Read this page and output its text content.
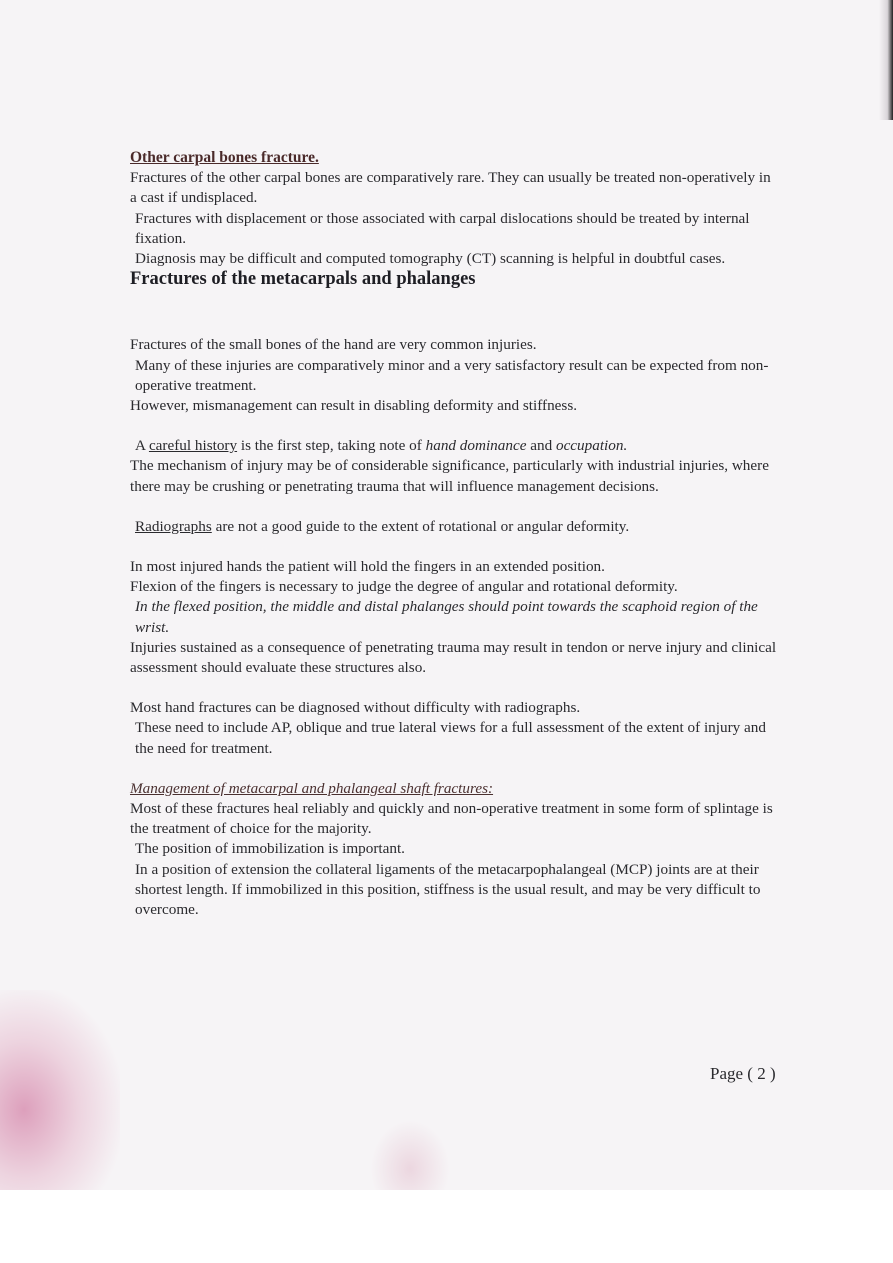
Other carpal bones fracture.

Fractures of the other carpal bones are comparatively rare. They can usually be treated non-operatively in a cast if undisplaced.

Fractures with displacement or those associated with carpal dislocations should be treated by internal fixation.

Diagnosis may be difficult and computed tomography (CT) scanning is helpful in doubtful cases.

Fractures of the metacarpals and phalanges

Fractures of the small bones of the hand are very common injuries.

Many of these injuries are comparatively minor and a very satisfactory result can be expected from non-operative treatment.

However, mismanagement can result in disabling deformity and stiffness.

A careful history is the first step, taking note of hand dominance and occupation.

The mechanism of injury may be of considerable significance, particularly with industrial injuries, where there may be crushing or penetrating trauma that will influence management decisions.

Radiographs are not a good guide to the extent of rotational or angular deformity.

In most injured hands the patient will hold the fingers in an extended position.

Flexion of the fingers is necessary to judge the degree of angular and rotational deformity.

In the flexed position, the middle and distal phalanges should point towards the scaphoid region of the wrist.

Injuries sustained as a consequence of penetrating trauma may result in tendon or nerve injury and clinical assessment should evaluate these structures also.

Most hand fractures can be diagnosed without difficulty with radiographs.

These need to include AP, oblique and true lateral views for a full assessment of the extent of injury and the need for treatment.

Management of metacarpal and phalangeal shaft fractures:

Most of these fractures heal reliably and quickly and non-operative treatment in some form of splintage is the treatment of choice for the majority.

The position of immobilization is important.

In a position of extension the collateral ligaments of the metacarpophalangeal (MCP) joints are at their shortest length. If immobilized in this position, stiffness is the usual result, and may be very difficult to overcome.

Page ( 2 )
